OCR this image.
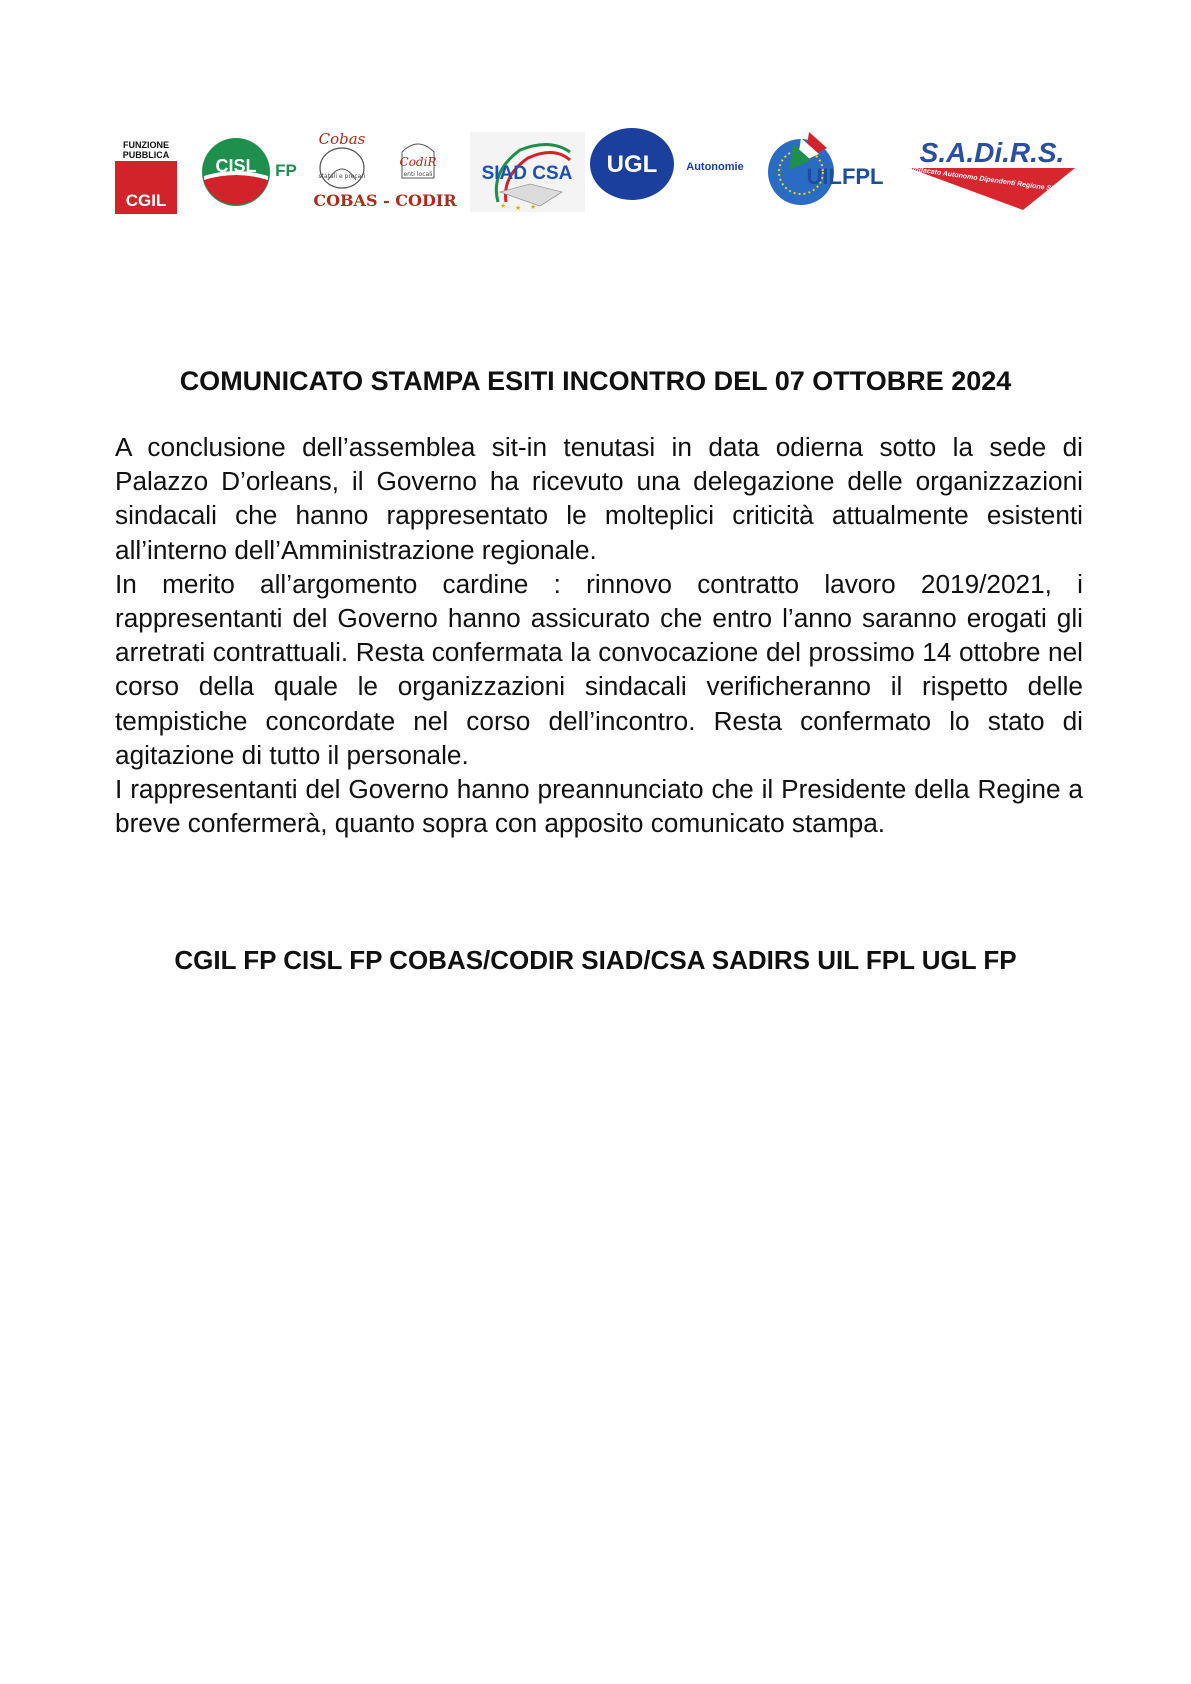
FUNZIONE
PUBBLICA
CGIL
CISL FP
Cobas
statali e precari
CodiR
enti locali
COBAS - CODIR
SIAD CSA
★ ★ ★
UGL	Autonomie	UILFPL
S.A.Di.R.S.
Sindacato Autonomo Dipendenti Regione Siciliana
COMUNICATO STAMPA ESITI INCONTRO DEL 07 OTTOBRE 2024

A conclusione dell’assemblea sit-in tenutasi in data odierna sotto la sede di Palazzo D’orleans, il Governo ha ricevuto una delegazione delle organizzazioni sindacali che hanno rappresentato le molteplici criticità attualmente esistenti all’interno dell’Amministrazione regionale.

In merito all’argomento cardine : rinnovo contratto lavoro 2019/2021, i rappresentanti del Governo hanno assicurato che entro l’anno saranno erogati gli arretrati contrattuali. Resta confermata la convocazione del prossimo 14 ottobre nel corso della quale le organizzazioni sindacali verificheranno il rispetto delle tempistiche concordate nel corso dell’incontro. Resta confermato lo stato di agitazione di tutto il personale.

I rappresentanti del Governo hanno preannunciato che il Presidente della Regine a breve confermerà, quanto sopra con apposito comunicato stampa.

CGIL FP CISL FP COBAS/CODIR SIAD/CSA SADIRS UIL FPL UGL FP
